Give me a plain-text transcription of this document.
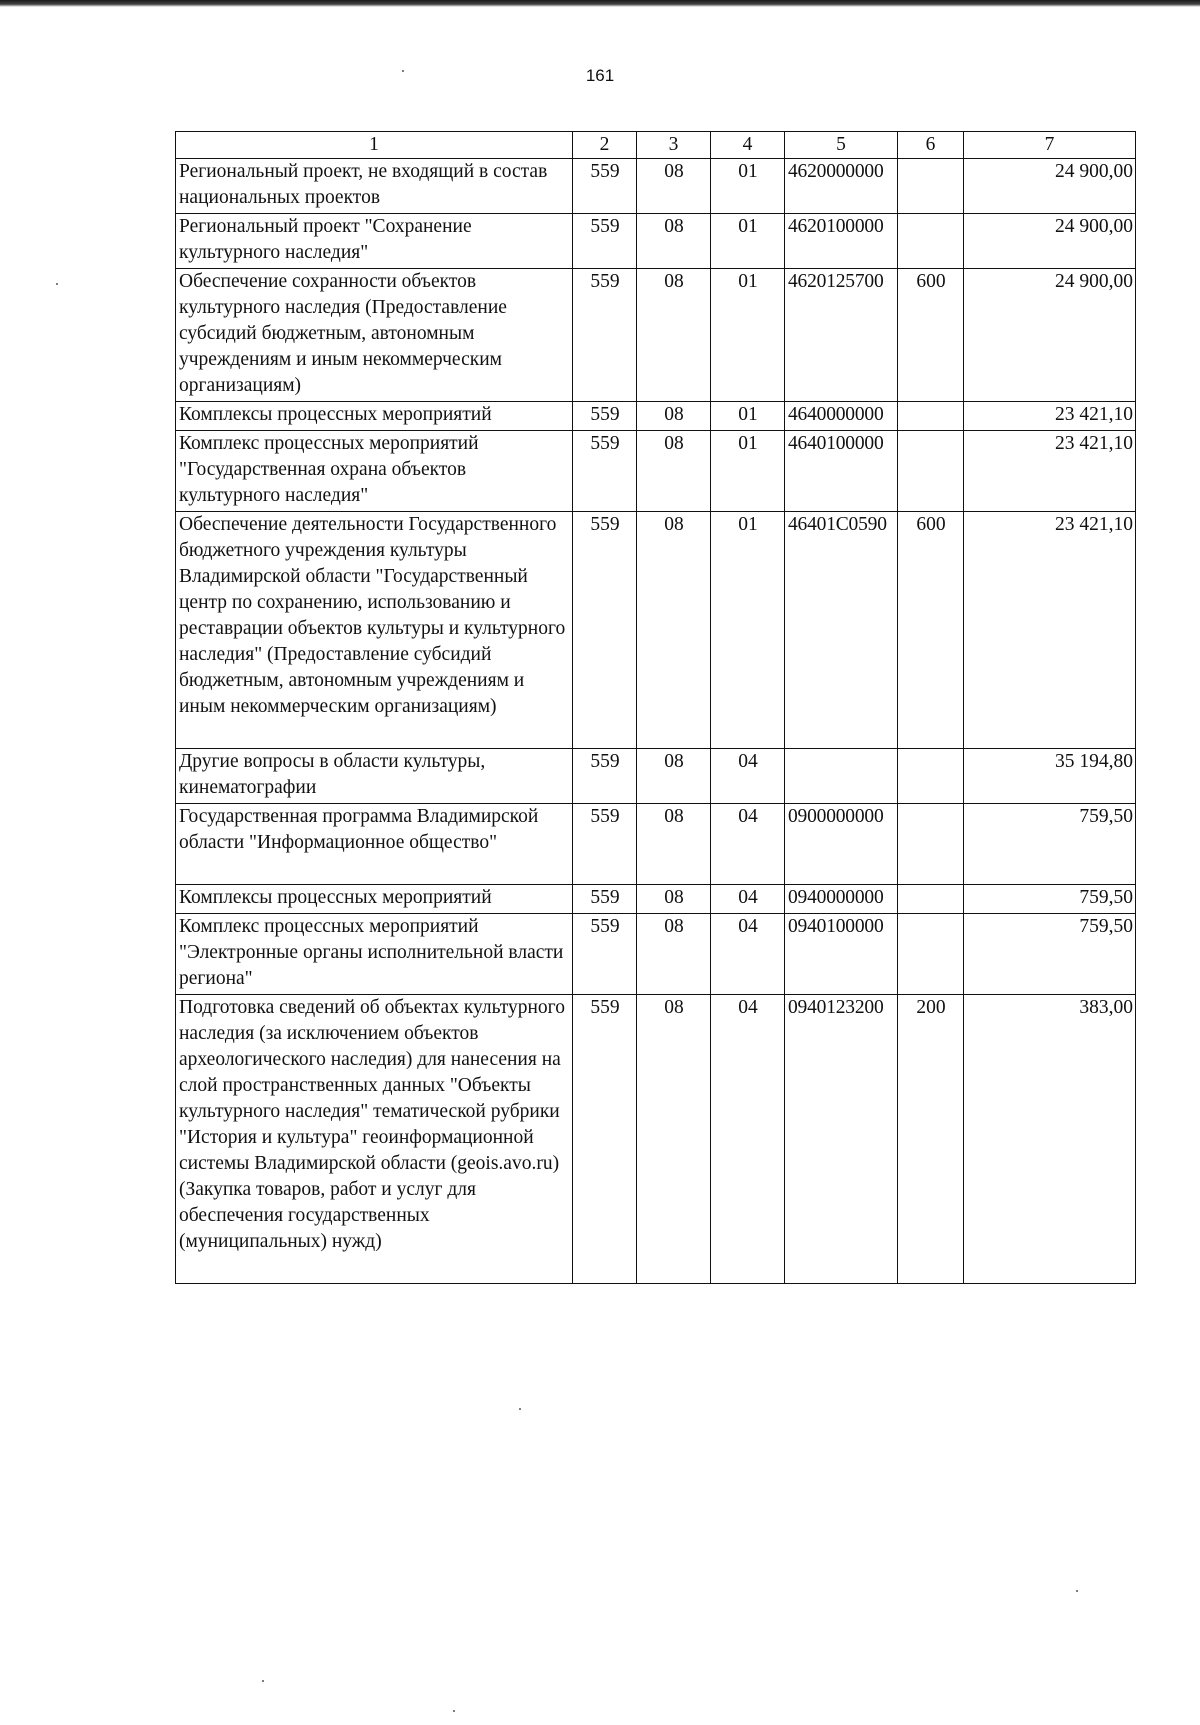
161
1	2	3	4	5	6	7
Региональный проект, не входящий в состав национальных проектов	559	08	01	4620000000		24 900,00
Региональный проект "Сохранение культурного наследия"	559	08	01	4620100000		24 900,00
Обеспечение сохранности объектов культурного наследия (Предоставление субсидий бюджетным, автономным учреждениям и иным некоммерческим организациям)	559	08	01	4620125700	600	24 900,00
Комплексы процессных мероприятий	559	08	01	4640000000		23 421,10
Комплекс процессных мероприятий "Государственная охрана объектов культурного наследия"	559	08	01	4640100000		23 421,10
Обеспечение деятельности Государственного бюджетного учреждения культуры Владимирской области "Государственный центр по сохранению, использованию и реставрации объектов культуры и культурного наследия" (Предоставление субсидий бюджетным, автономным учреждениям и иным некоммерческим организациям)	559	08	01	46401C0590	600	23 421,10
Другие вопросы в области культуры, кинематографии	559	08	04			35 194,80
Государственная программа Владимирской области "Информационное общество"	559	08	04	0900000000		759,50
Комплексы процессных мероприятий	559	08	04	0940000000		759,50
Комплекс процессных мероприятий "Электронные органы исполнительной власти региона"	559	08	04	0940100000		759,50
Подготовка сведений об объектах культурного наследия (за исключением объектов археологического наследия) для нанесения на слой пространственных данных "Объекты культурного наследия" тематической рубрики "История и культура" геоинформационной системы Владимирской области (geois.avo.ru) (Закупка товаров, работ и услуг для обеспечения государственных (муниципальных) нужд)	559	08	04	0940123200	200	383,00
